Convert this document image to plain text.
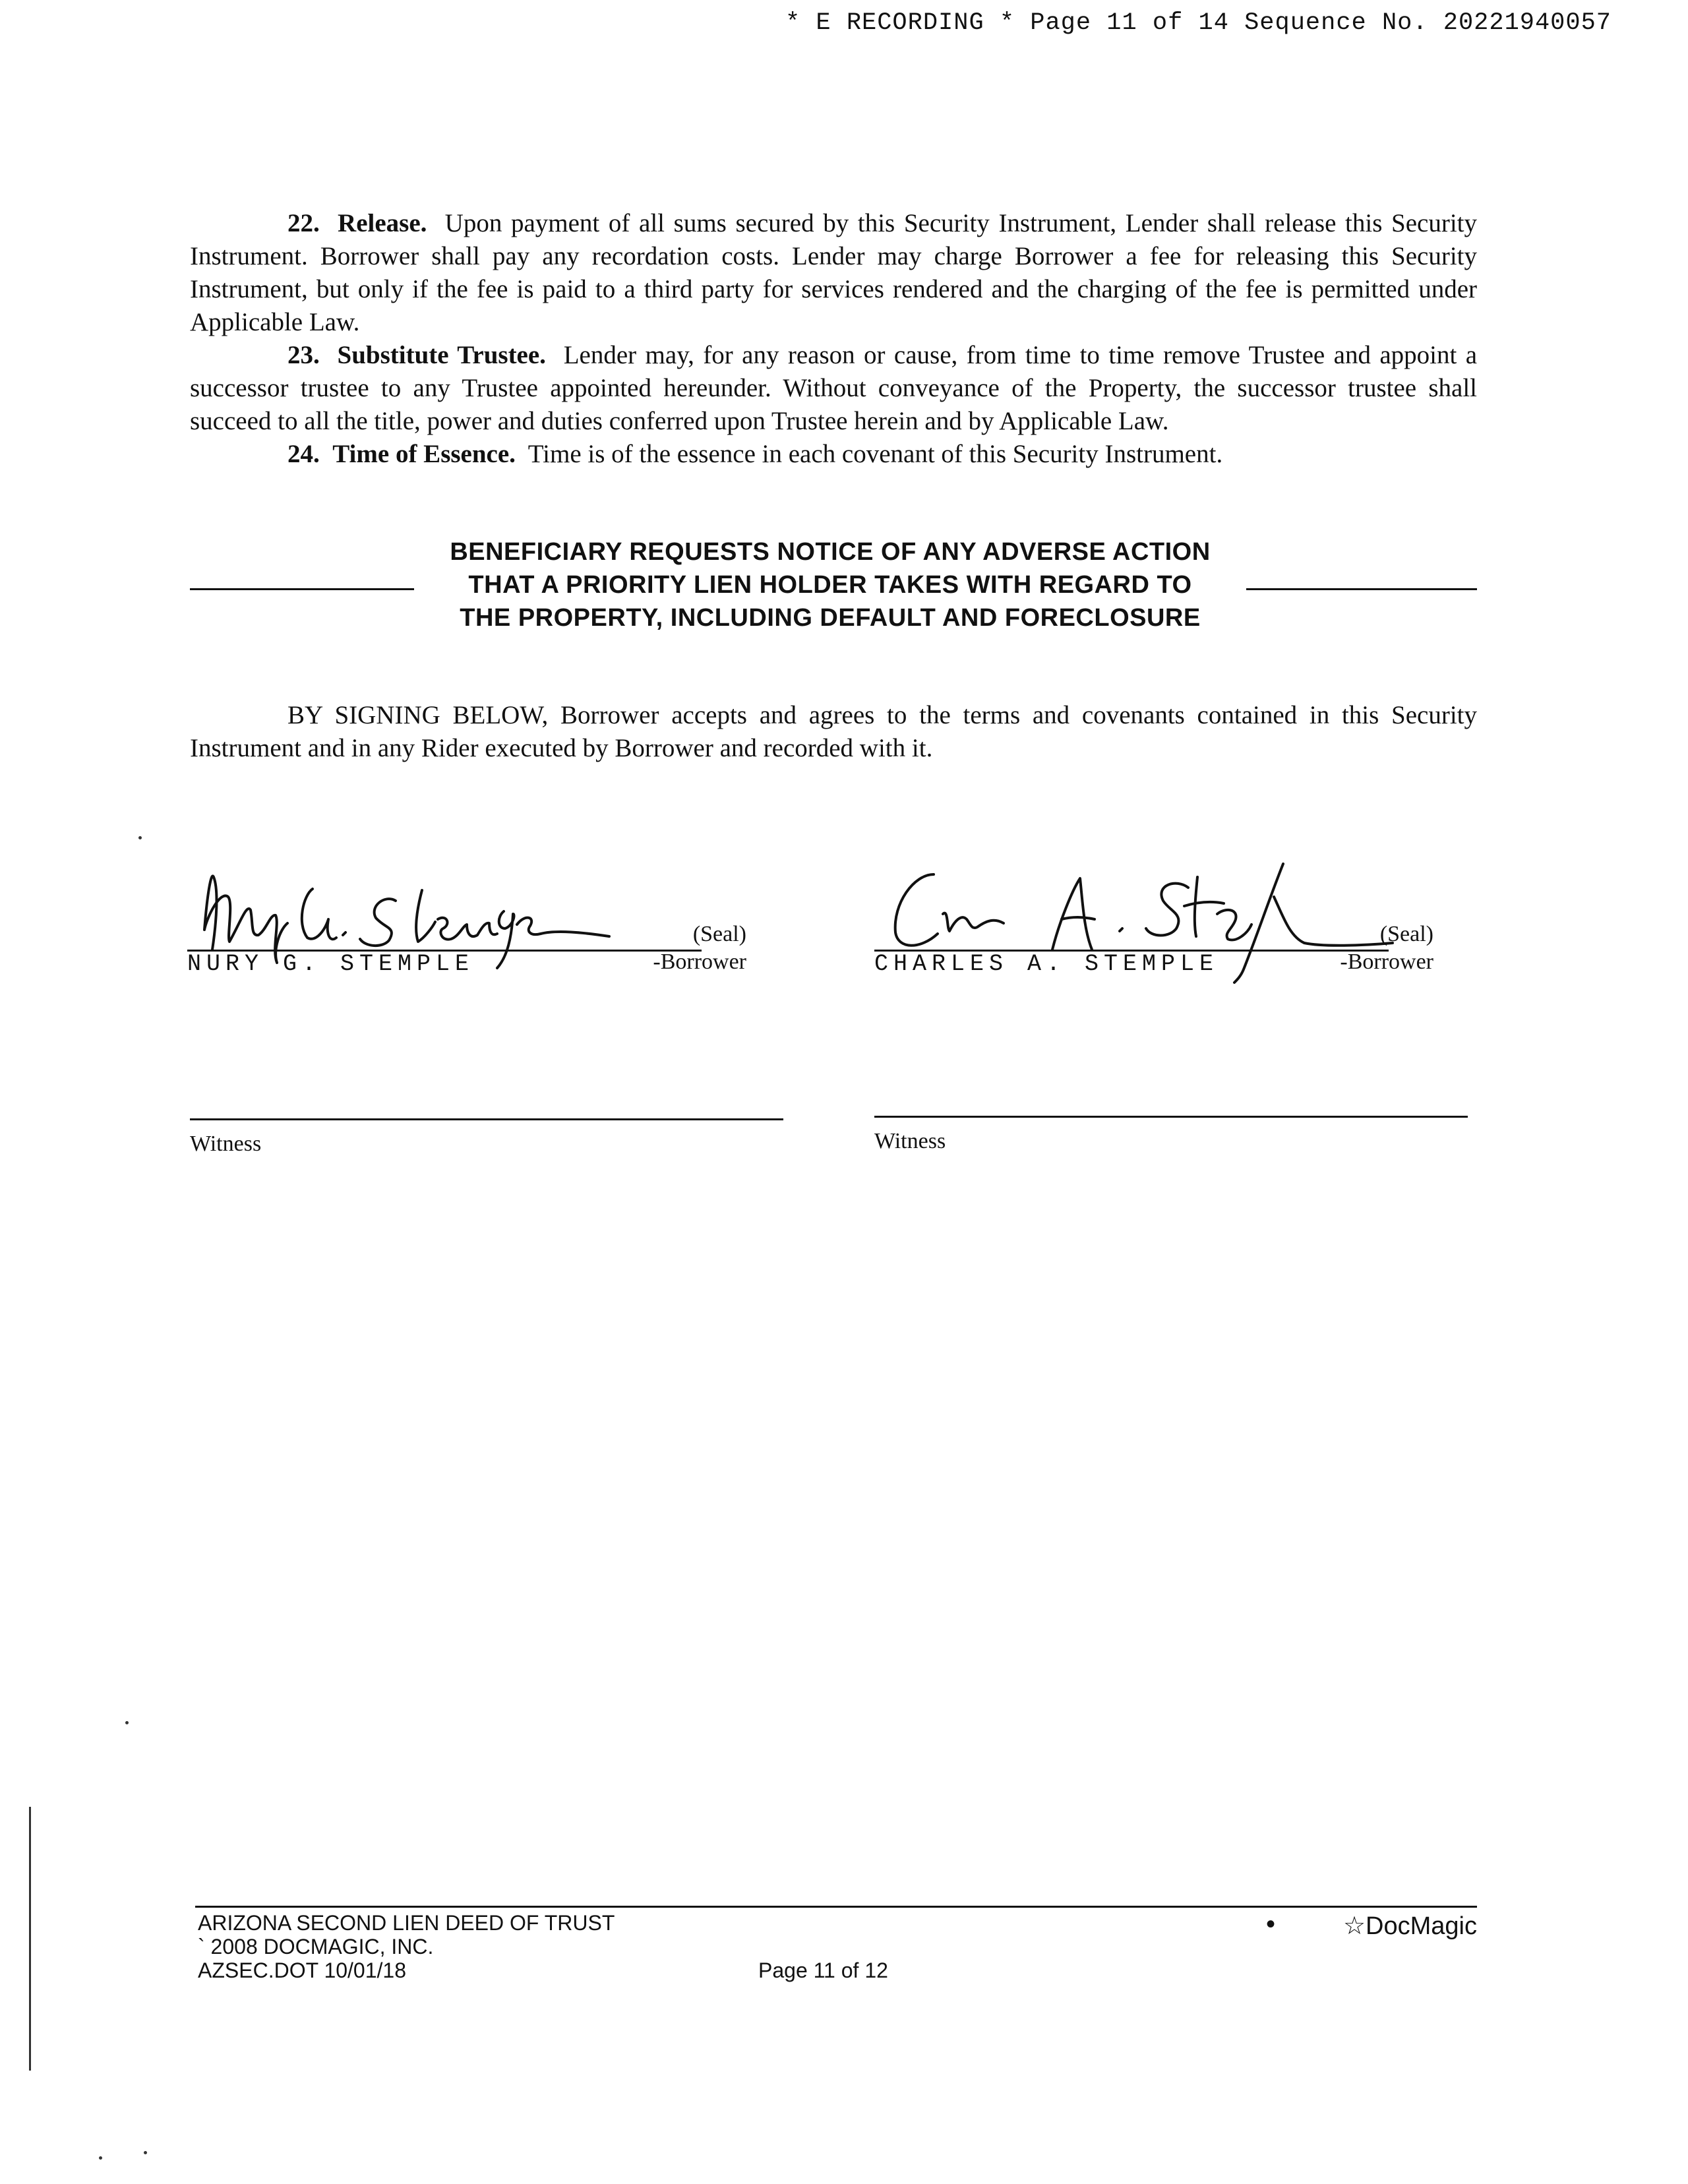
* E RECORDING * Page 11 of 14 Sequence No. 20221940057

22. Release. Upon payment of all sums secured by this Security Instrument, Lender shall release this Security Instrument. Borrower shall pay any recordation costs. Lender may charge Borrower a fee for releasing this Security Instrument, but only if the fee is paid to a third party for services rendered and the charging of the fee is permitted under Applicable Law.

23. Substitute Trustee. Lender may, for any reason or cause, from time to time remove Trustee and appoint a successor trustee to any Trustee appointed hereunder. Without conveyance of the Property, the successor trustee shall succeed to all the title, power and duties conferred upon Trustee herein and by Applicable Law.

24. Time of Essence. Time is of the essence in each covenant of this Security Instrument.

BENEFICIARY REQUESTS NOTICE OF ANY ADVERSE ACTION
THAT A PRIORITY LIEN HOLDER TAKES WITH REGARD TO
THE PROPERTY, INCLUDING DEFAULT AND FORECLOSURE

BY SIGNING BELOW, Borrower accepts and agrees to the terms and covenants contained in this Security Instrument and in any Rider executed by Borrower and recorded with it.

(Seal)
NURY G. STEMPLE	-Borrower
(Seal)
CHARLES A. STEMPLE	-Borrower
Witness	Witness
ARIZONA SECOND LIEN DEED OF TRUST
` 2008 DOCMAGIC, INC.
AZSEC.DOT 10/01/18	Page 11 of 12
•	☆DocMagic
